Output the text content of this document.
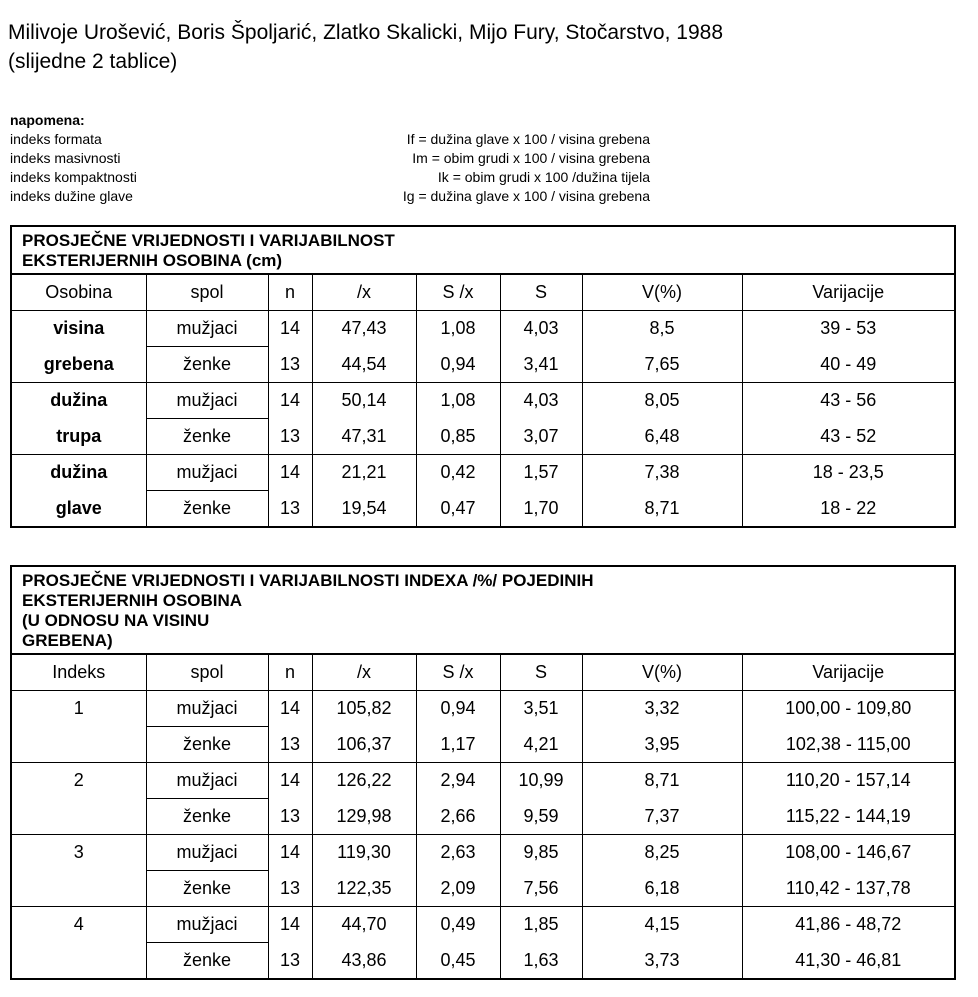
Milivoje Urošević, Boris Špoljarić, Zlatko Skalicki, Mijo Fury, Stočarstvo, 1988
(slijedne 2 tablice)
napomena:
indeks formata	If = dužina glave x 100 / visina grebena
indeks masivnosti	Im = obim grudi x 100 / visina grebena
indeks kompaktnosti	Ik = obim grudi x 100 /dužina tijela
indeks dužine glave	Ig = dužina glave x 100 / visina grebena
PROSJEČNE VRIJEDNOSTI I VARIJABILNOST
EKSTERIJERNIH OSOBINA (cm)
Osobina	spol	n	/x	S /x	S	V(%)	Varijacije
visina	mužjaci	14	47,43	1,08	4,03	8,5	39 - 53
grebena	ženke	13	44,54	0,94	3,41	7,65	40 - 49
dužina	mužjaci	14	50,14	1,08	4,03	8,05	43 - 56
trupa	ženke	13	47,31	0,85	3,07	6,48	43 - 52
dužina	mužjaci	14	21,21	0,42	1,57	7,38	18 - 23,5
glave	ženke	13	19,54	0,47	1,70	8,71	18 - 22
PROSJEČNE VRIJEDNOSTI I VARIJABILNOSTI INDEXA /%/ POJEDINIH
EKSTERIJERNIH OSOBINA
(U ODNOSU NA VISINU
GREBENA)
Indeks	spol	n	/x	S /x	S	V(%)	Varijacije
1	mužjaci	14	105,82	0,94	3,51	3,32	100,00 - 109,80
	ženke	13	106,37	1,17	4,21	3,95	102,38 - 115,00
2	mužjaci	14	126,22	2,94	10,99	8,71	110,20 - 157,14
	ženke	13	129,98	2,66	9,59	7,37	115,22 - 144,19
3	mužjaci	14	119,30	2,63	9,85	8,25	108,00 - 146,67
	ženke	13	122,35	2,09	7,56	6,18	110,42 - 137,78
4	mužjaci	14	44,70	0,49	1,85	4,15	41,86 - 48,72
	ženke	13	43,86	0,45	1,63	3,73	41,30 - 46,81
